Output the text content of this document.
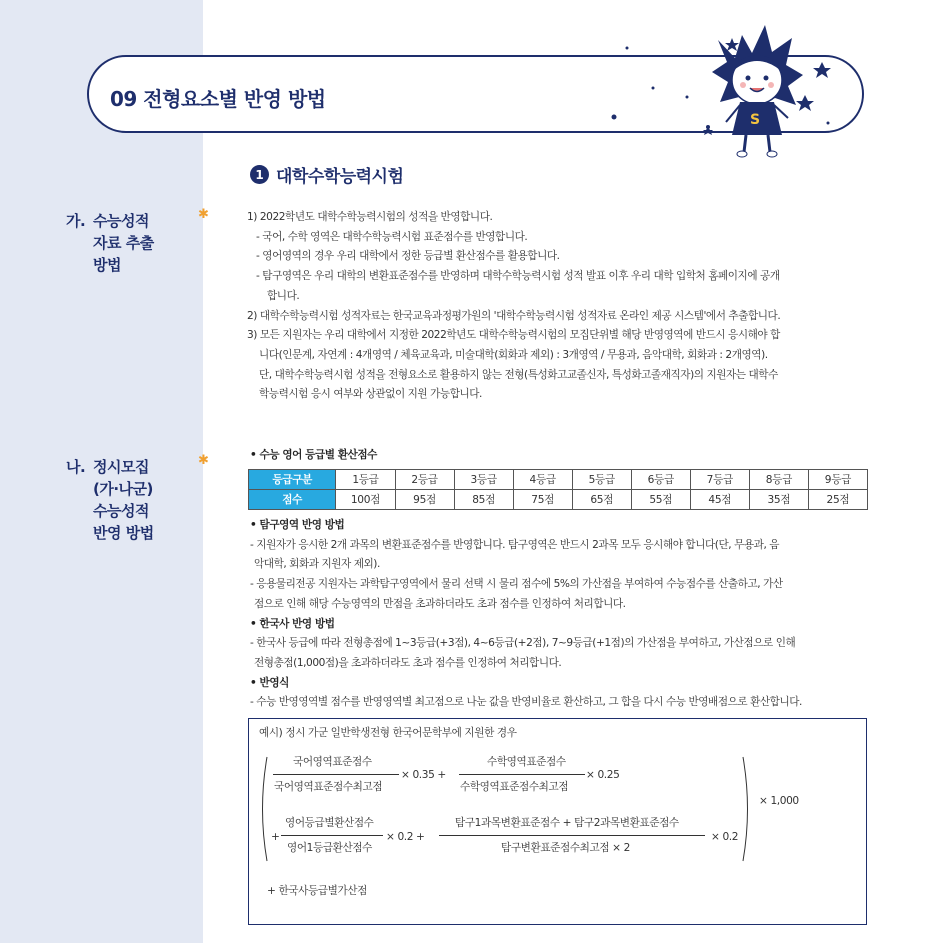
09 전형요소별 반영 방법
S
1 대학수학능력시험
가. 수능성적
자료 추출
방법
✱	1) 2022학년도 대학수학능력시험의 성적을 반영합니다.
- 국어, 수학 영역은 대학수학능력시험 표준점수를 반영합니다.
- 영어영역의 경우 우리 대학에서 정한 등급별 환산점수를 활용합니다.
- 탐구영역은 우리 대학의 변환표준점수를 반영하며 대학수학능력시험 성적 발표 이후 우리 대학 입학처 홈페이지에 공개
합니다.
2) 대학수학능력시험 성적자료는 한국교육과정평가원의 '대학수학능력시험 성적자료 온라인 제공 시스템'에서 추출합니다.
3) 모든 지원자는 우리 대학에서 지정한 2022학년도 대학수학능력시험의 모집단위별 해당 반영영역에 반드시 응시해야 합
니다(인문계, 자연계 : 4개영역 / 체육교육과, 미술대학(회화과 제외) : 3개영역 / 무용과, 음악대학, 회화과 : 2개영역).
단, 대학수학능력시험 성적을 전형요소로 활용하지 않는 전형(특성화고교졸신자, 특성화고졸재직자)의 지원자는 대학수
학능력시험 응시 여부와 상관없이 지원 가능합니다.
나. 정시모집
(가·나군)
수능성적
반영 방법
✱	• 수능 영어 등급별 환산점수
등급구분	1등급	2등급	3등급	4등급	5등급	6등급	7등급	8등급	9등급
점수	100점	95점	85점	75점	65점	55점	45점	35점	25점
• 탐구영역 반영 방법
- 지원자가 응시한 2개 과목의 변환표준점수를 반영합니다. 탐구영역은 반드시 2과목 모두 응시해야 합니다(단, 무용과, 음
악대학, 회화과 지원자 제외).
- 응용물리전공 지원자는 과학탐구영역에서 물리 선택 시 물리 점수에 5%의 가산점을 부여하여 수능점수를 산출하고, 가산
점으로 인해 해당 수능영역의 만점을 초과하더라도 초과 점수를 인정하여 처리합니다.
• 한국사 반영 방법
- 한국사 등급에 따라 전형총점에 1~3등급(+3점), 4~6등급(+2점), 7~9등급(+1점)의 가산점을 부여하고, 가산점으로 인해
전형총점(1,000점)을 초과하더라도 초과 점수를 인정하여 처리합니다.
• 반영식
- 수능 반영영역별 점수를 반영영역별 최고점으로 나눈 값을 반영비율로 환산하고, 그 합을 다시 수능 반영배점으로 환산합니다.
예시) 정시 가군 일반학생전형 한국어문학부에 지원한 경우
국어영역표준점수
국어영역표준점수최고점
× 0.35 +
수학영역표준점수
수학영역표준점수최고점
× 0.25
+
영어등급별환산점수
영어1등급환산점수
× 0.2 +
탐구1과목변환표준점수 + 탐구2과목변환표준점수
탐구변환표준점수최고점 × 2
× 0.2
× 1,000
+ 한국사등급별가산점
